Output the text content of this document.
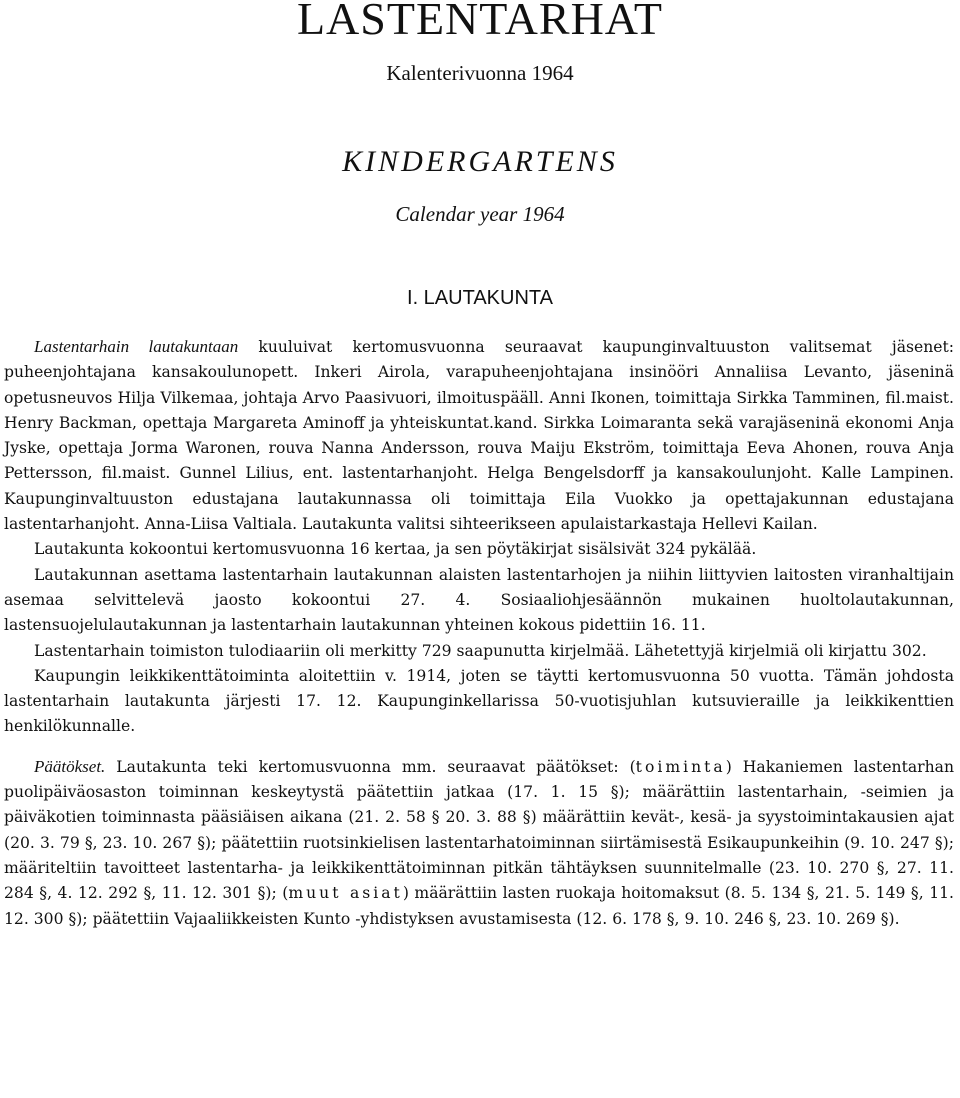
LASTENTARHAT
Kalenterivuonna 1964
KINDERGARTENS
Calendar year 1964
I. LAUTAKUNTA

Lastentarhain lautakuntaan kuuluivat kertomusvuonna seuraavat kaupunginvaltuuston valitsemat jäsenet: puheenjohtajana kansakoulunopett. Inkeri Airola, varapuheenjohtajana insinööri Annaliisa Levanto, jäseninä opetusneuvos Hilja Vilkemaa, johtaja Arvo Paasivuori, ilmoituspääll. Anni Ikonen, toimittaja Sirkka Tamminen, fil.maist. Henry Backman, opettaja Margareta Aminoff ja yhteiskuntat.kand. Sirkka Loimaranta sekä varajäseninä ekonomi Anja Jyske, opettaja Jorma Waronen, rouva Nanna Andersson, rouva Maiju Ekström, toimittaja Eeva Ahonen, rouva Anja Pettersson, fil.maist. Gunnel Lilius, ent. lastentarhanjoht. Helga Bengelsdorff ja kansakoulunjoht. Kalle Lampinen. Kaupunginvaltuuston edustajana lautakunnassa oli toimittaja Eila Vuokko ja opettajakunnan edustajana lastentarhanjoht. Anna-Liisa Valtiala. Lautakunta valitsi sihteerikseen apulaistarkastaja Hellevi Kailan.

Lautakunta kokoontui kertomusvuonna 16 kertaa, ja sen pöytäkirjat sisälsivät 324 pykälää.

Lautakunnan asettama lastentarhain lautakunnan alaisten lastentarhojen ja niihin liittyvien laitosten viranhaltijain asemaa selvittelevä jaosto kokoontui 27. 4. Sosiaaliohjesäännön mukainen huoltolautakunnan, lastensuojelulautakunnan ja lastentarhain lautakunnan yhteinen kokous pidettiin 16. 11.

Lastentarhain toimiston tulodiaariin oli merkitty 729 saapunutta kirjelmää. Lähetettyjä kirjelmiä oli kirjattu 302.

Kaupungin leikkikenttätoiminta aloitettiin v. 1914, joten se täytti kertomusvuonna 50 vuotta. Tämän johdosta lastentarhain lautakunta järjesti 17. 12. Kaupunginkellarissa 50-vuotisjuhlan kutsuvieraille ja leikkikenttien henkilökunnalle.

Päätökset. Lautakunta teki kertomusvuonna mm. seuraavat päätökset: (toiminta) Hakaniemen lastentarhan puolipäiväosaston toiminnan keskeytystä päätettiin jatkaa (17. 1. 15 §); määrättiin lastentarhain, -seimien ja päiväkotien toiminnasta pääsiäisen aikana (21. 2. 58 § 20. 3. 88 §) määrättiin kevät-, kesä- ja syystoimintakausien ajat (20. 3. 79 §, 23. 10. 267 §); päätettiin ruotsinkielisen lastentarhatoiminnan siirtämisestä Esikaupunkeihin (9. 10. 247 §); määriteltiin tavoitteet lastentarha- ja leikkikenttätoiminnan pitkän tähtäyksen suunnitelmalle (23. 10. 270 §, 27. 11. 284 §, 4. 12. 292 §, 11. 12. 301 §); (muut asiat) määrättiin lasten ruokaja hoitomaksut (8. 5. 134 §, 21. 5. 149 §, 11. 12. 300 §); päätettiin Vajaaliikkeisten Kunto -yhdistyksen avustamisesta (12. 6. 178 §, 9. 10. 246 §, 23. 10. 269 §).
